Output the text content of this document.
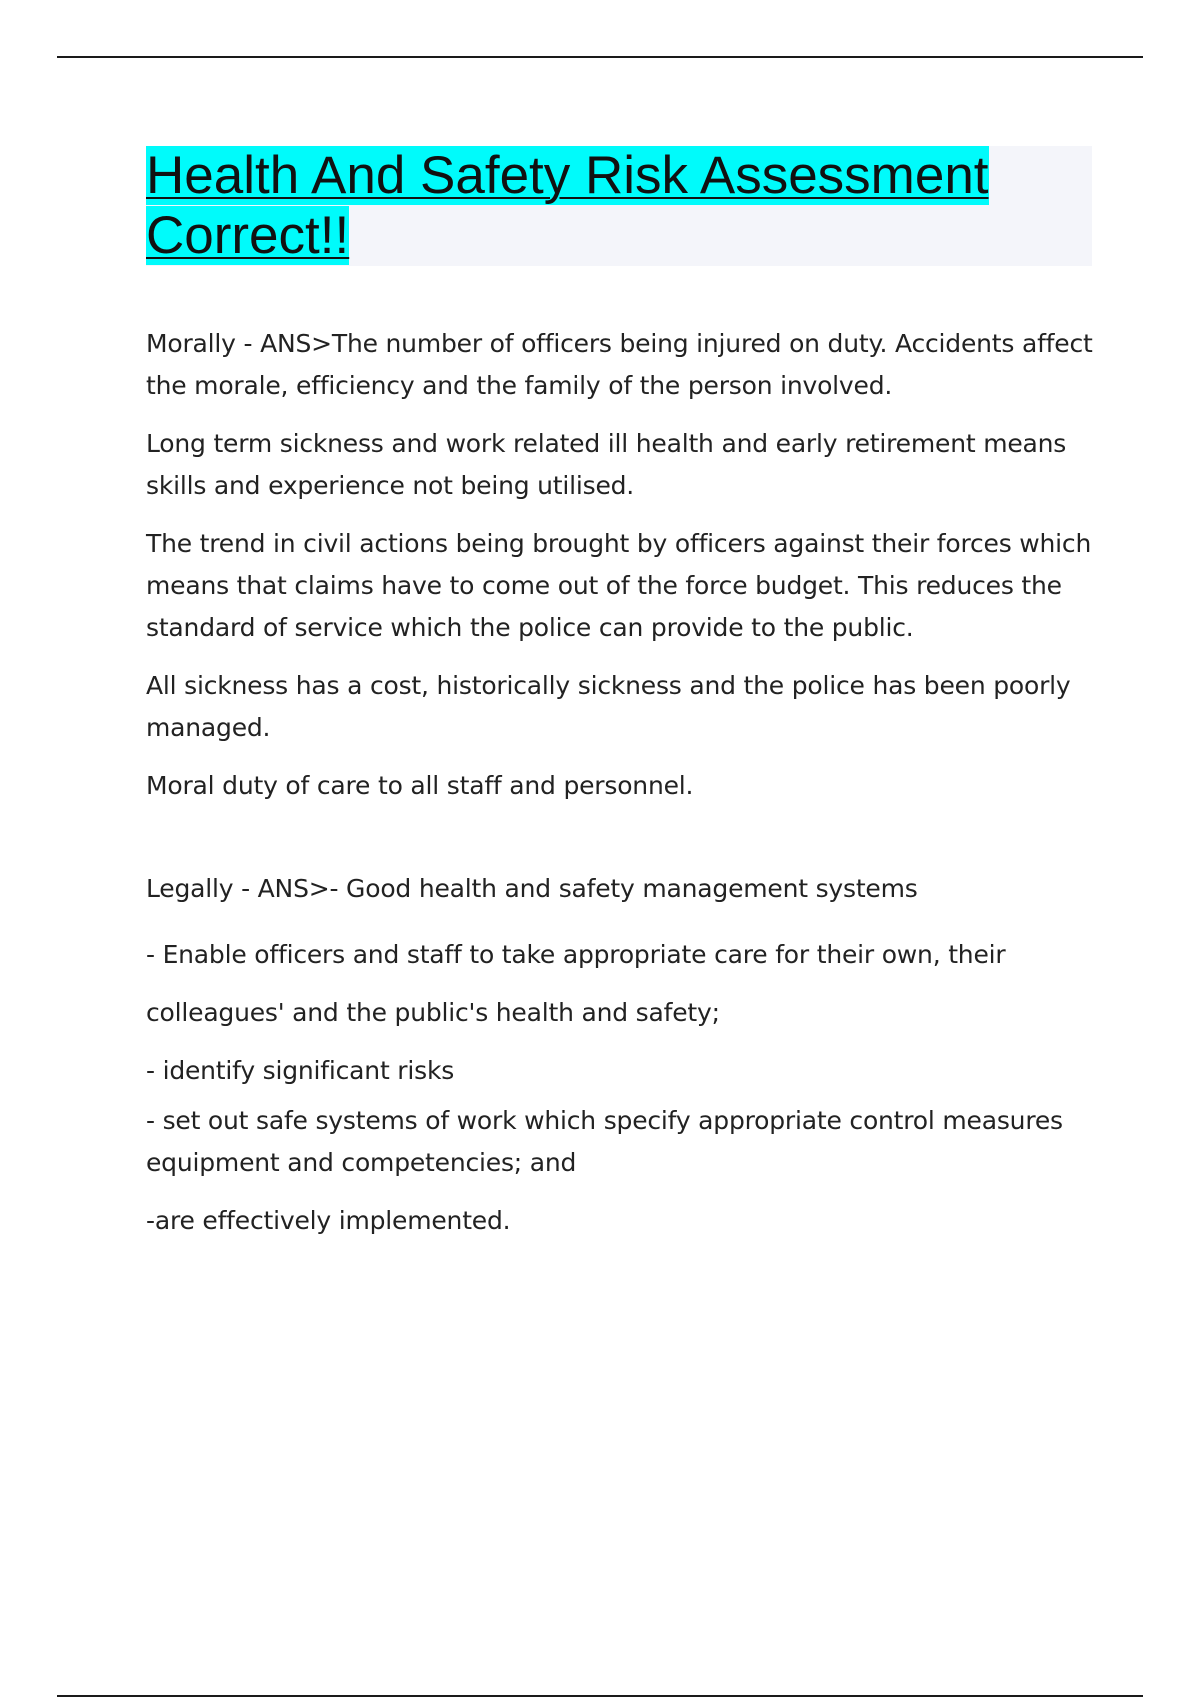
Health And Safety Risk Assessment
Correct!!

Morally - ANS>The number of officers being injured on duty. Accidents affect the morale, efficiency and the family of the person involved.

Long term sickness and work related ill health and early retirement means skills and experience not being utilised.

The trend in civil actions being brought by officers against their forces which means that claims have to come out of the force budget. This reduces the standard of service which the police can provide to the public.

All sickness has a cost, historically sickness and the police has been poorly managed.

Moral duty of care to all staff and personnel.

Legally - ANS>- Good health and safety management systems

- Enable officers and staff to take appropriate care for their own, their

colleagues' and the public's health and safety;

- identify significant risks

- set out safe systems of work which specify appropriate control measures equipment and competencies; and

-are effectively implemented.
